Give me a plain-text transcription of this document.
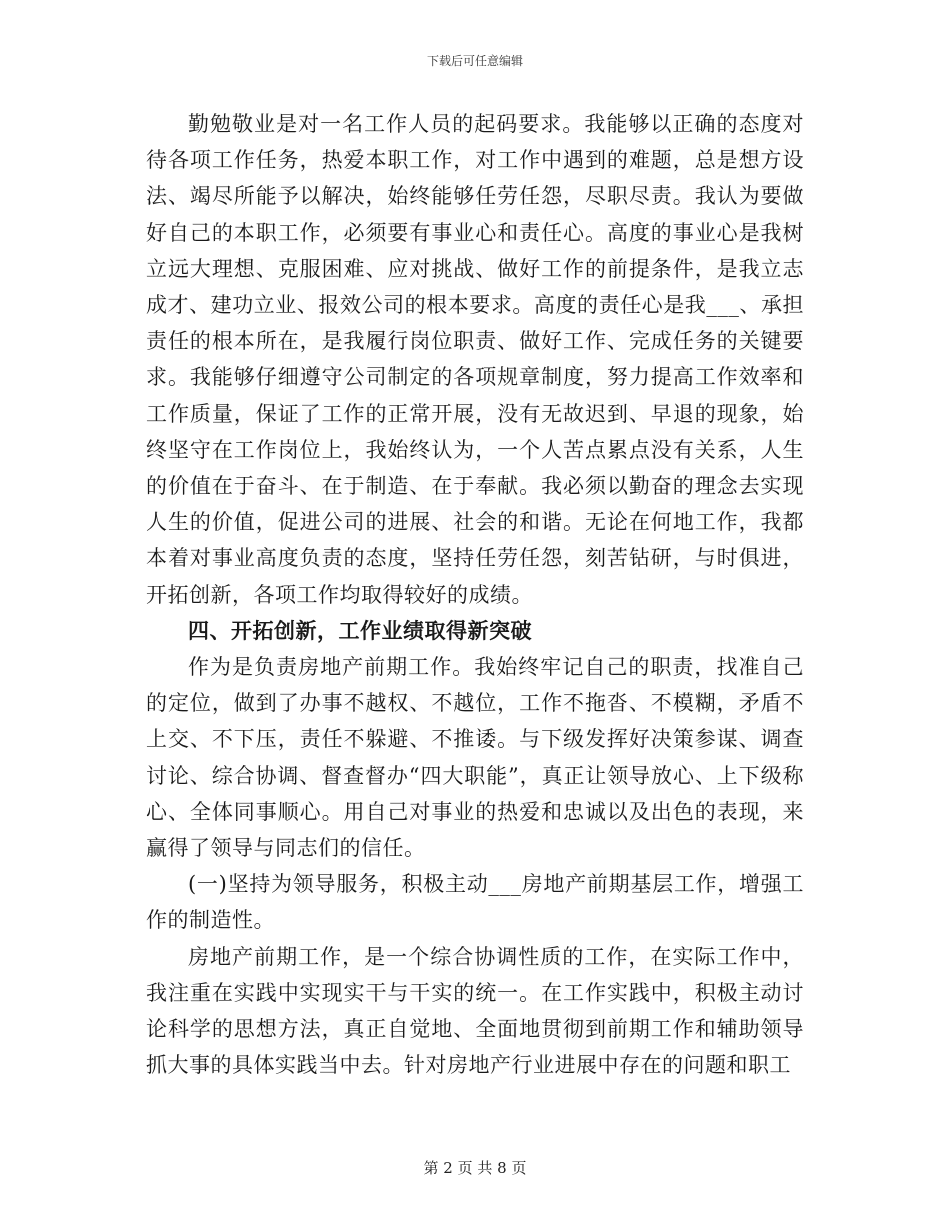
下载后可任意编辑

勤勉敬业是对一名工作人员的起码要求。我能够以正确的态度对待各项工作任务，热爱本职工作，对工作中遇到的难题，总是想方设法、竭尽所能予以解决，始终能够任劳任怨，尽职尽责。我认为要做好自己的本职工作，必须要有事业心和责任心。高度的事业心是我树立远大理想、克服困难、应对挑战、做好工作的前提条件，是我立志成才、建功立业、报效公司的根本要求。高度的责任心是我___、承担责任的根本所在，是我履行岗位职责、做好工作、完成任务的关键要求。我能够仔细遵守公司制定的各项规章制度，努力提高工作效率和工作质量，保证了工作的正常开展，没有无故迟到、早退的现象，始终坚守在工作岗位上，我始终认为，一个人苦点累点没有关系，人生的价值在于奋斗、在于制造、在于奉献。我必须以勤奋的理念去实现人生的价值，促进公司的进展、社会的和谐。无论在何地工作，我都本着对事业高度负责的态度，坚持任劳任怨，刻苦钻研，与时俱进，开拓创新，各项工作均取得较好的成绩。

四、开拓创新，工作业绩取得新突破

作为是负责房地产前期工作。我始终牢记自己的职责，找准自己的定位，做到了办事不越权、不越位，工作不拖沓、不模糊，矛盾不上交、不下压，责任不躲避、不推诿。与下级发挥好决策参谋、调查讨论、综合协调、督查督办“四大职能”，真正让领导放心、上下级称心、全体同事顺心。用自己对事业的热爱和忠诚以及出色的表现，来赢得了领导与同志们的信任。

(一)坚持为领导服务，积极主动___房地产前期基层工作，增强工作的制造性。

房地产前期工作，是一个综合协调性质的工作，在实际工作中，我注重在实践中实现实干与干实的统一。在工作实践中，积极主动讨论科学的思想方法，真正自觉地、全面地贯彻到前期工作和辅助领导抓大事的具体实践当中去。针对房地产行业进展中存在的问题和职工

第 2 页 共 8 页
